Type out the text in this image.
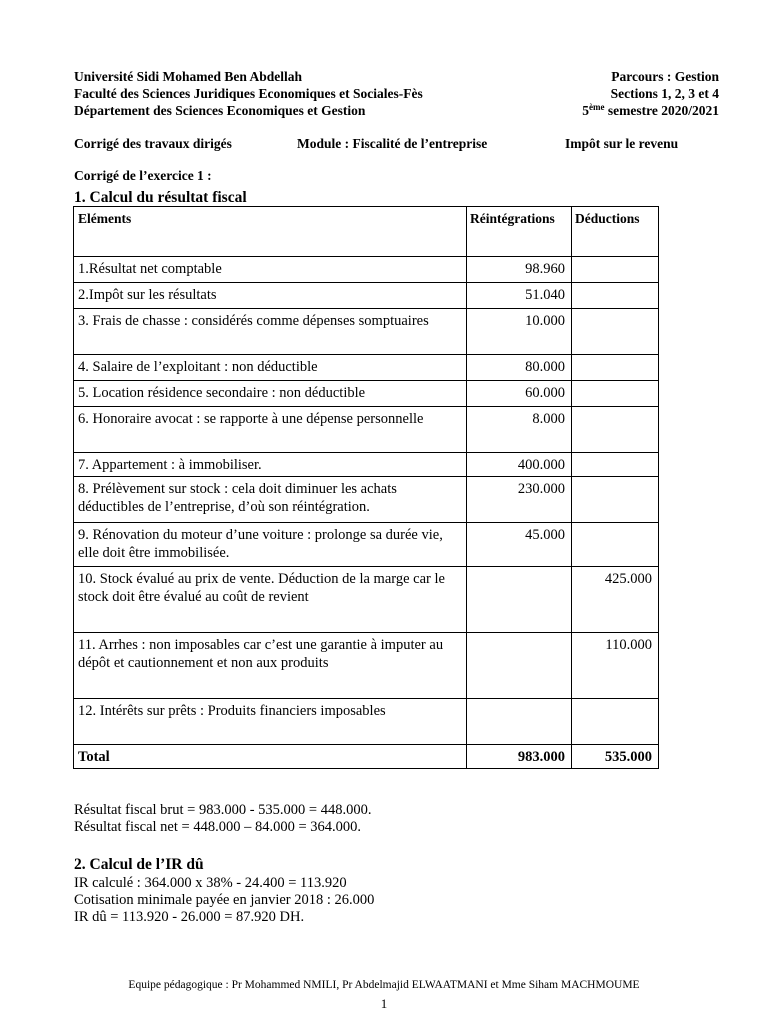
Université Sidi Mohamed Ben Abdellah	Parcours : Gestion
Faculté des Sciences Juridiques Economiques et Sociales-Fès	Sections 1, 2, 3 et 4
Département des Sciences Economiques et Gestion	5ème semestre 2020/2021
Corrigé des travaux dirigés	Module : Fiscalité de l’entreprise	Impôt sur le revenu
Corrigé de l’exercice 1 :
1. Calcul du résultat fiscal
Eléments	Réintégrations	Déductions
1.Résultat net comptable	98.960	
2.Impôt sur les résultats	51.040	
3. Frais de chasse : considérés comme dépenses somptuaires	10.000	
4. Salaire de l’exploitant : non déductible	80.000	
5. Location résidence secondaire : non déductible	60.000	
6. Honoraire avocat : se rapporte à une dépense personnelle	8.000	
7. Appartement : à immobiliser.	400.000	
8. Prélèvement sur stock : cela doit diminuer les achats déductibles de l’entreprise, d’où son réintégration.	230.000	
9. Rénovation du moteur d’une voiture : prolonge sa durée vie, elle doit être immobilisée.	45.000	
10. Stock évalué au prix de vente. Déduction de la marge car le stock doit être évalué au coût de revient		425.000
11. Arrhes : non imposables car c’est une garantie à imputer au dépôt et cautionnement et non aux produits		110.000
12. Intérêts sur prêts : Produits financiers imposables		
Total	983.000	535.000
Résultat fiscal brut = 983.000 - 535.000 = 448.000.
Résultat fiscal net = 448.000 – 84.000 = 364.000.
2. Calcul de l’IR dû
IR calculé : 364.000 x 38% - 24.400 = 113.920
Cotisation minimale payée en janvier 2018 : 26.000
IR dû = 113.920 - 26.000 = 87.920 DH.
Equipe pédagogique : Pr Mohammed NMILI, Pr Abdelmajid ELWAATMANI et Mme Siham MACHMOUME
1
